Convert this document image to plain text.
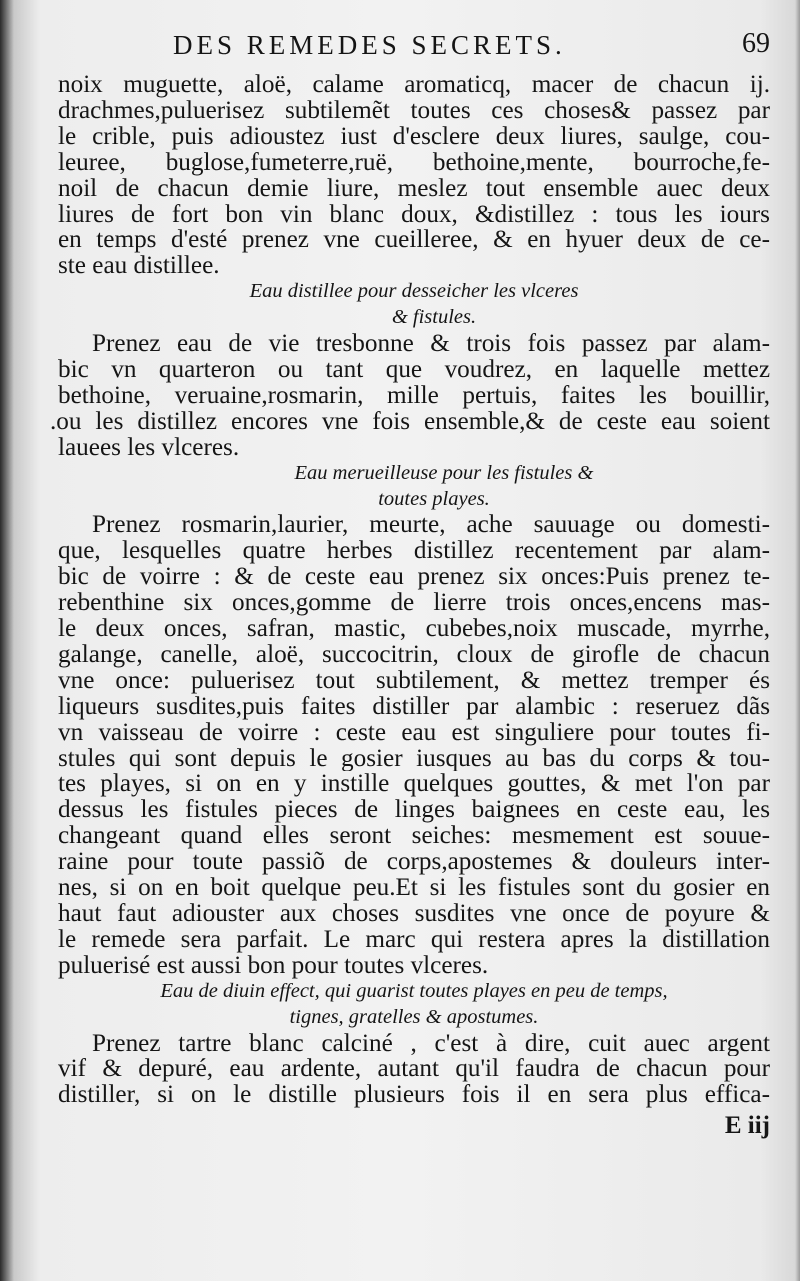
DES REMEDES SECRETS.	69
noix muguette, aloë, calame aromaticq, macer de chacun ij.
drachmes,puluerisez subtilemẽt toutes ces choses& passez par
le crible, puis adioustez iust d'esclere deux liures, saulge, cou-
leuree, buglose,fumeterre,ruë, bethoine,mente, bourroche,fe-
noil de chacun demie liure, meslez tout ensemble auec deux
liures de fort bon vin blanc doux, &distillez : tous les iours
en temps d'esté prenez vne cueilleree, & en hyuer deux de ce-
ste eau distillee.
Eau distillee pour desseicher les vlceres
& fistules.
Prenez eau de vie tresbonne & trois fois passez par alam-
bic vn quarteron ou tant que voudrez, en laquelle mettez
bethoine, veruaine,rosmarin, mille pertuis, faites les bouillir,
.ou les distillez encores vne fois ensemble,& de ceste eau soient
lauees les vlceres.
Eau merueilleuse pour les fistules &
toutes playes.
Prenez rosmarin,laurier, meurte, ache sauuage ou domesti-
que, lesquelles quatre herbes distillez recentement par alam-
bic de voirre : & de ceste eau prenez six onces:Puis prenez te-
rebenthine six onces,gomme de lierre trois onces,encens mas-
le deux onces, safran, mastic, cubebes,noix muscade, myrrhe,
galange, canelle, aloë, succocitrin, cloux de girofle de chacun
vne once: puluerisez tout subtilement, & mettez tremper és
liqueurs susdites,puis faites distiller par alambic : reseruez dãs
vn vaisseau de voirre : ceste eau est singuliere pour toutes fi-
stules qui sont depuis le gosier iusques au bas du corps & tou-
tes playes, si on en y instille quelques gouttes, & met l'on par
dessus les fistules pieces de linges baignees en ceste eau, les
changeant quand elles seront seiches: mesmement est souue-
raine pour toute passiõ de corps,apostemes & douleurs inter-
nes, si on en boit quelque peu.Et si les fistules sont du gosier en
haut faut adiouster aux choses susdites vne once de poyure &
le remede sera parfait. Le marc qui restera apres la distillation
puluerisé est aussi bon pour toutes vlceres.
Eau de diuin effect, qui guarist toutes playes en peu de temps,
tignes, gratelles & apostumes.
Prenez tartre blanc calciné , c'est à dire, cuit auec argent
vif & depuré, eau ardente, autant qu'il faudra de chacun pour
distiller, si on le distille plusieurs fois il en sera plus effica-
E iij
